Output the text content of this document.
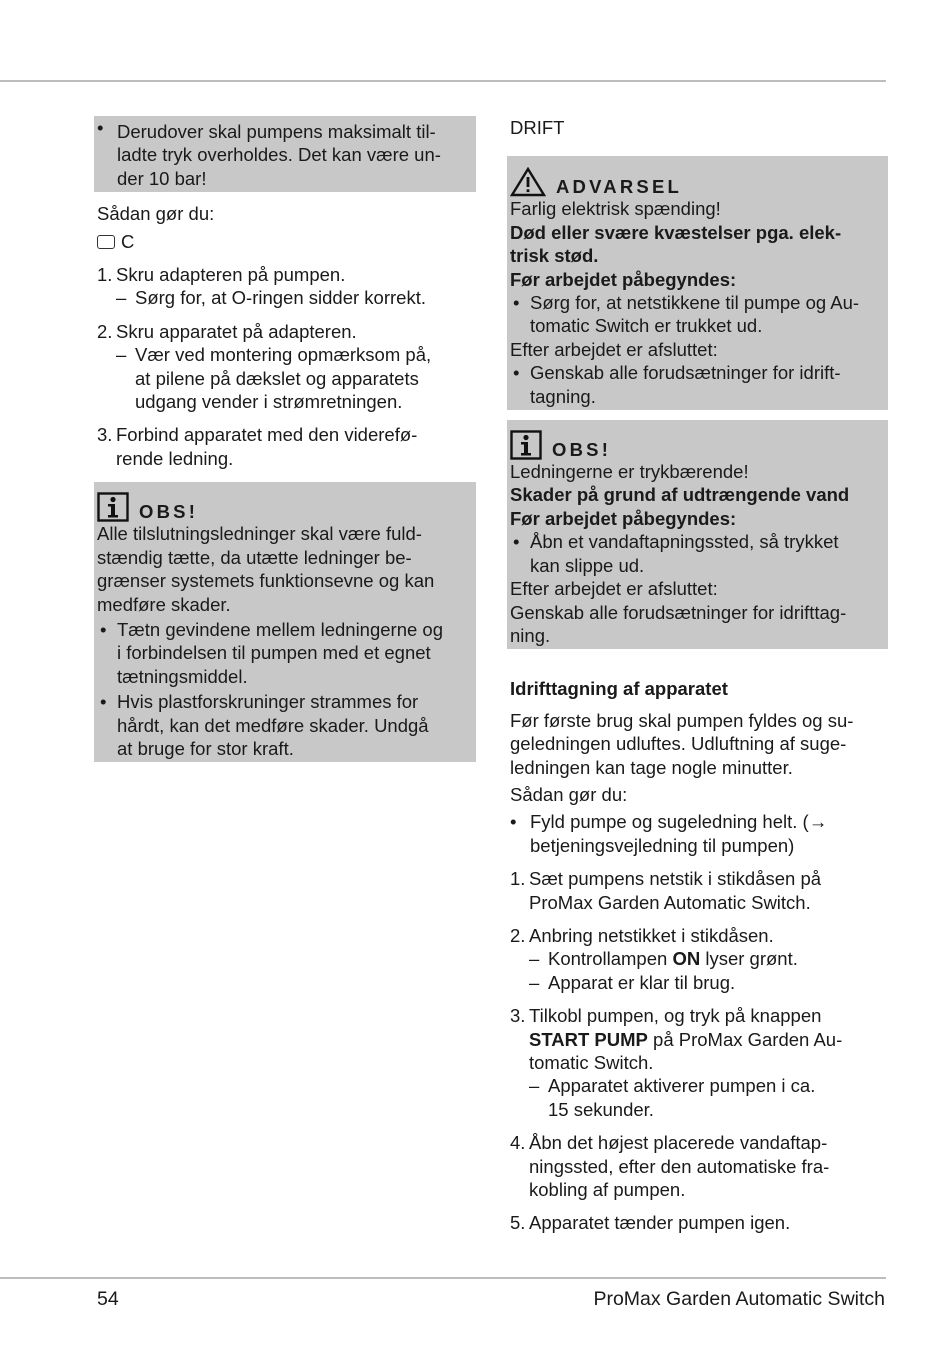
• Derudover skal pumpens maksimalt til-
ladte tryk overholdes. Det kan være un-
der 10 bar!
Sådan gør du:
C
1. Skru adapteren på pumpen.
– Sørg for, at O-ringen sidder korrekt.
2. Skru apparatet på adapteren.
– Vær ved montering opmærksom på,
at pilene på dækslet og apparatets
udgang vender i strømretningen.
3. Forbind apparatet med den viderefø-
rende ledning.
OBS!
Alle tilslutningsledninger skal være fuld-
stændig tætte, da utætte ledninger be-
grænser systemets funktionsevne og kan
medføre skader.
• Tætn gevindene mellem ledningerne og
i forbindelsen til pumpen med et egnet
tætningsmiddel.
• Hvis plastforskruninger strammes for
hårdt, kan det medføre skader. Undgå
at bruge for stor kraft.
DRIFT
ADVARSEL
Farlig elektrisk spænding!
Død eller svære kvæstelser pga. elek-
trisk stød.
Før arbejdet påbegyndes:
• Sørg for, at netstikkene til pumpe og Au-
tomatic Switch er trukket ud.
Efter arbejdet er afsluttet:
• Genskab alle forudsætninger for idrift-
tagning.
OBS!
Ledningerne er trykbærende!
Skader på grund af udtrængende vand
Før arbejdet påbegyndes:
• Åbn et vandaftapningssted, så trykket
kan slippe ud.
Efter arbejdet er afsluttet:
Genskab alle forudsætninger for idrifttag-
ning.
Idrifttagning af apparatet
Før første brug skal pumpen fyldes og su-
geledningen udluftes. Udluftning af suge-
ledningen kan tage nogle minutter.
Sådan gør du:
• Fyld pumpe og sugeledning helt. (→
betjeningsvejledning til pumpen)
1. Sæt pumpens netstik i stikdåsen på
ProMax Garden Automatic Switch.
2. Anbring netstikket i stikdåsen.
– Kontrollampen ON lyser grønt.
– Apparat er klar til brug.
3. Tilkobl pumpen, og tryk på knappen
START PUMP på ProMax Garden Au-
tomatic Switch.
– Apparatet aktiverer pumpen i ca.
15 sekunder.
4. Åbn det højest placerede vandaftap-
ningssted, efter den automatiske fra-
kobling af pumpen.
5. Apparatet tænder pumpen igen.
54	ProMax Garden Automatic Switch
